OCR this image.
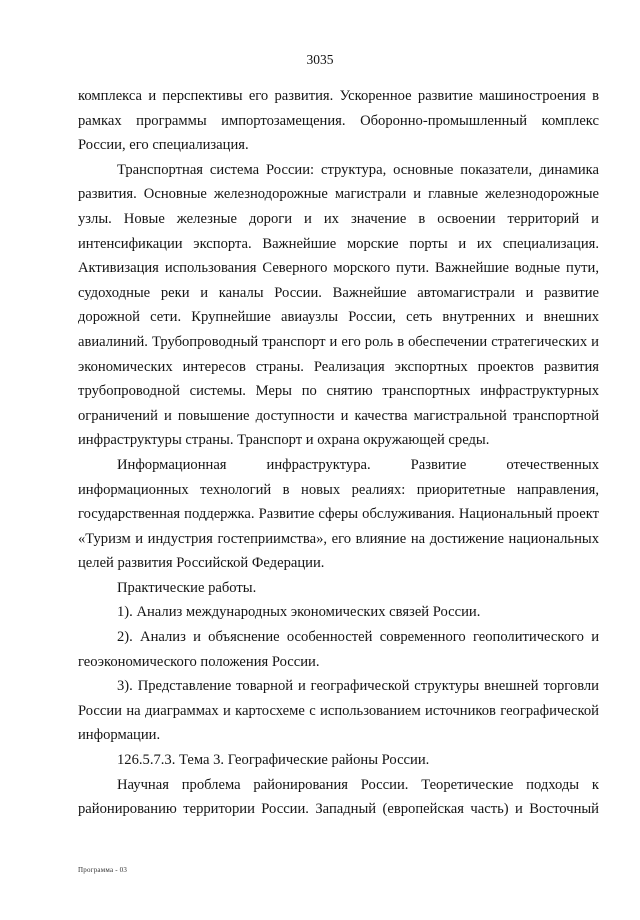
3035

комплекса и перспективы его развития. Ускоренное развитие машиностроения в рамках программы импортозамещения. Оборонно-промышленный комплекс России, его специализация.

Транспортная система России: структура, основные показатели, динамика развития. Основные железнодорожные магистрали и главные железнодорожные узлы. Новые железные дороги и их значение в освоении территорий и интенсификации экспорта. Важнейшие морские порты и их специализация. Активизация использования Северного морского пути. Важнейшие водные пути, судоходные реки и каналы России. Важнейшие автомагистрали и развитие дорожной сети. Крупнейшие авиаузлы России, сеть внутренних и внешних авиалиний. Трубопроводный транспорт и его роль в обеспечении стратегических и экономических интересов страны. Реализация экспортных проектов развития трубопроводной системы. Меры по снятию транспортных инфраструктурных ограничений и повышение доступности и качества магистральной транспортной инфраструктуры страны. Транспорт и охрана окружающей среды.

Информационная инфраструктура. Развитие отечественных информационных технологий в новых реалиях: приоритетные направления, государственная поддержка. Развитие сферы обслуживания. Национальный проект «Туризм и индустрия гостеприимства», его влияние на достижение национальных целей развития Российской Федерации.

Практические работы.

1). Анализ международных экономических связей России.

2). Анализ и объяснение особенностей современного геополитического и геоэкономического положения России.

3). Представление товарной и географической структуры внешней торговли России на диаграммах и картосхеме с использованием источников географической информации.

126.5.7.3. Тема 3. Географические районы России.

Научная проблема районирования России. Теоретические подходы к районированию территории России. Западный (европейская часть) и Восточный

Программа - 03
